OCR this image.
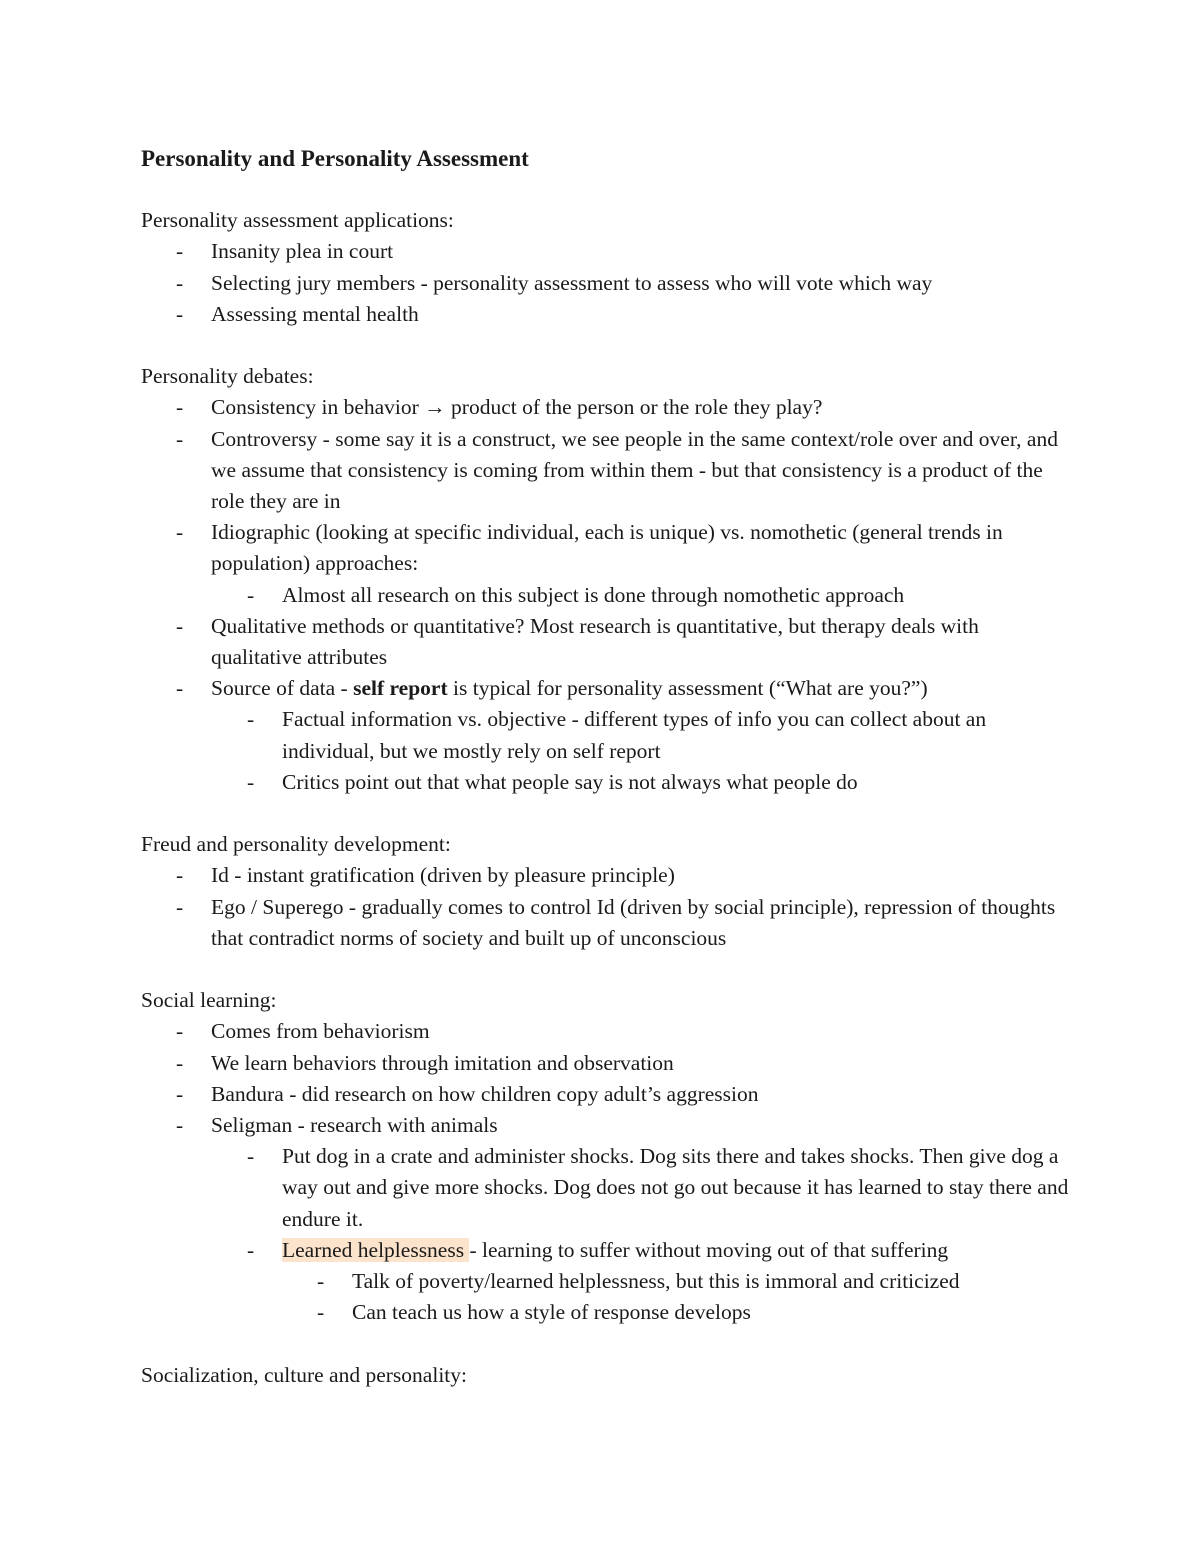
Personality and Personality Assessment

Personality assessment applications:

- Insanity plea in court

- Selecting jury members - personality assessment to assess who will vote which way

- Assessing mental health

Personality debates:

- Consistency in behavior → product of the person or the role they play?

- Controversy - some say it is a construct, we see people in the same context/role over and over, and we assume that consistency is coming from within them - but that consistency is a product of the role they are in

- Idiographic (looking at specific individual, each is unique) vs. nomothetic (general trends in population) approaches:

- Almost all research on this subject is done through nomothetic approach

- Qualitative methods or quantitative? Most research is quantitative, but therapy deals with qualitative attributes

- Source of data - self report is typical for personality assessment (“What are you?”)

- Factual information vs. objective - different types of info you can collect about an individual, but we mostly rely on self report

- Critics point out that what people say is not always what people do

Freud and personality development:

- Id - instant gratification (driven by pleasure principle)

- Ego / Superego - gradually comes to control Id (driven by social principle), repression of thoughts that contradict norms of society and built up of unconscious

Social learning:

- Comes from behaviorism

- We learn behaviors through imitation and observation

- Bandura - did research on how children copy adult’s aggression

- Seligman - research with animals

- Put dog in a crate and administer shocks. Dog sits there and takes shocks. Then give dog a way out and give more shocks. Dog does not go out because it has learned to stay there and endure it.

- Learned helplessness - learning to suffer without moving out of that suffering

- Talk of poverty/learned helplessness, but this is immoral and criticized

- Can teach us how a style of response develops

Socialization, culture and personality:
